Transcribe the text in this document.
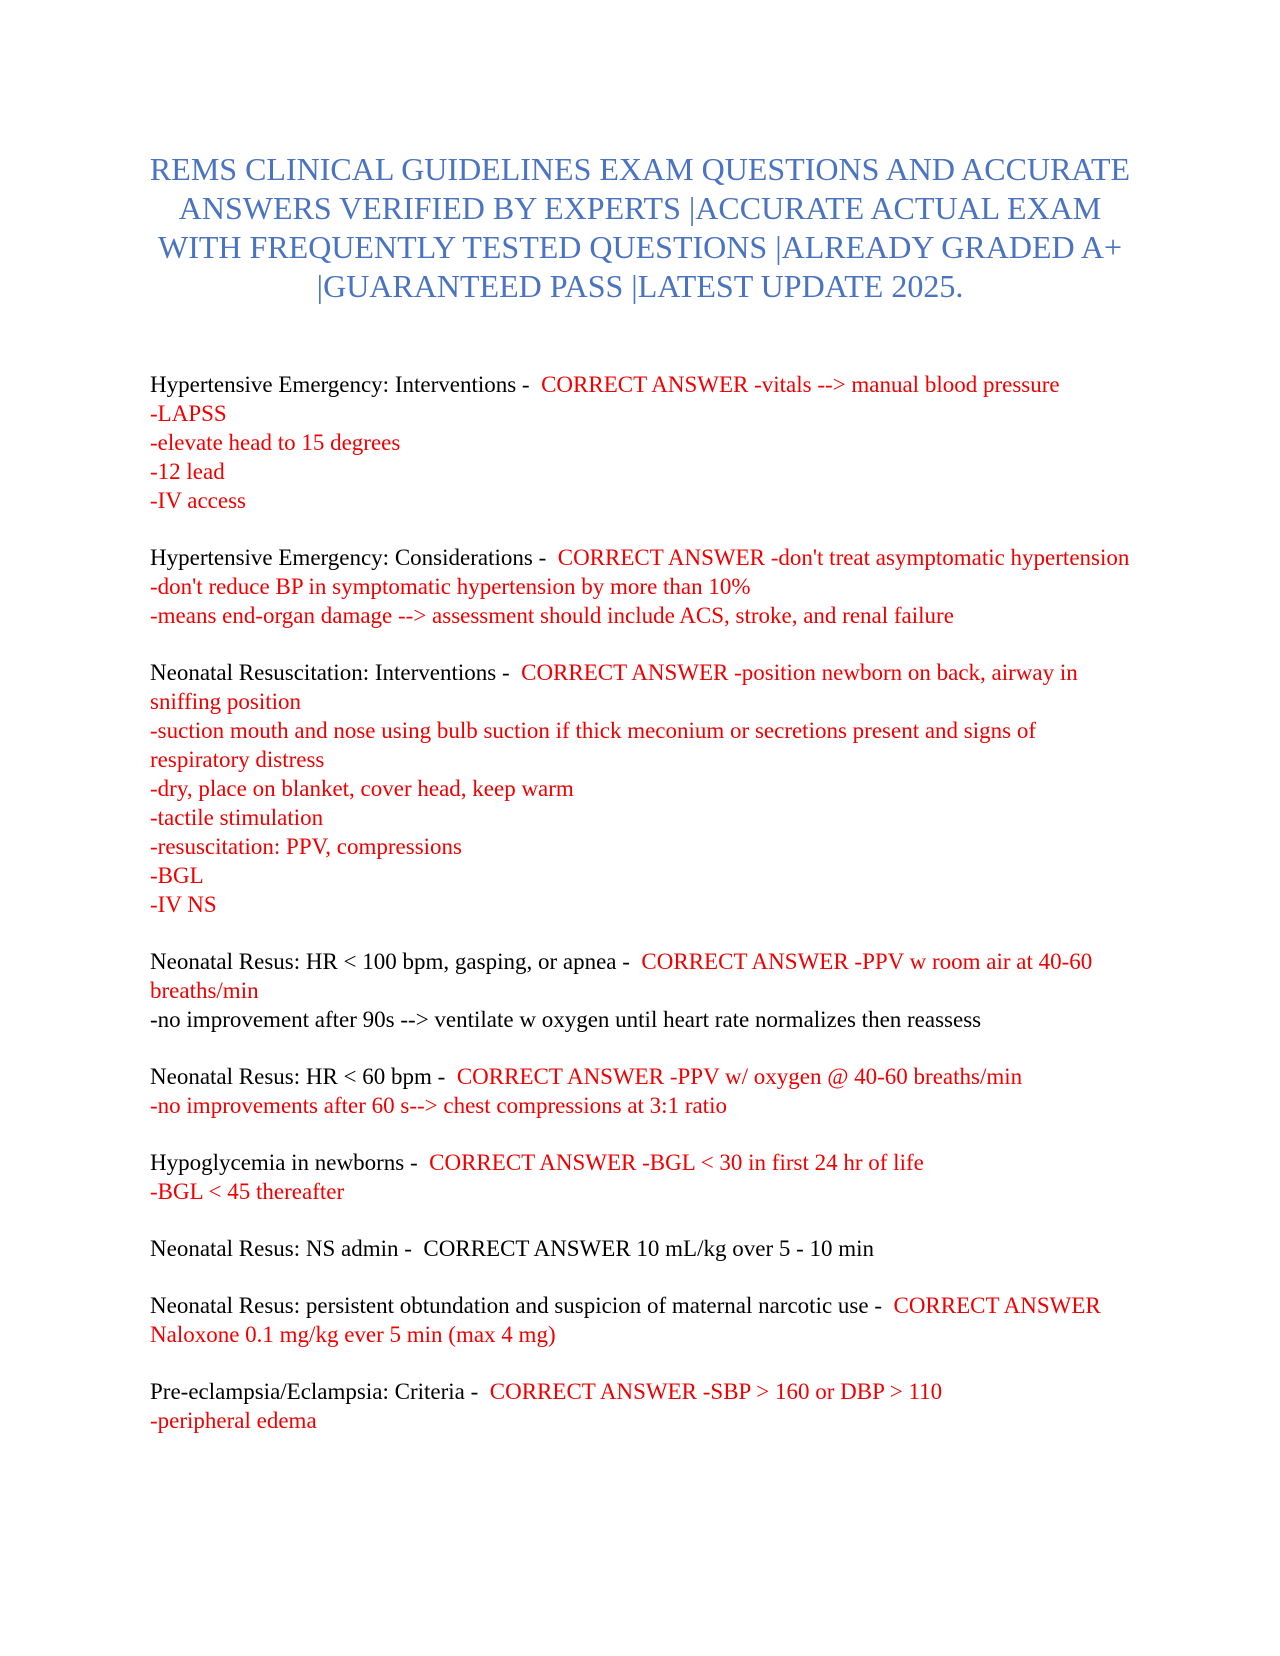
REMS CLINICAL GUIDELINES EXAM QUESTIONS AND ACCURATE ANSWERS VERIFIED BY EXPERTS |ACCURATE ACTUAL EXAM WITH FREQUENTLY TESTED QUESTIONS |ALREADY GRADED A+ |GUARANTEED PASS |LATEST UPDATE 2025.
Hypertensive Emergency: Interventions - CORRECT ANSWER -vitals --> manual blood pressure
-LAPSS
-elevate head to 15 degrees
-12 lead
-IV access
Hypertensive Emergency: Considerations - CORRECT ANSWER -don't treat asymptomatic hypertension
-don't reduce BP in symptomatic hypertension by more than 10%
-means end-organ damage --> assessment should include ACS, stroke, and renal failure
Neonatal Resuscitation: Interventions - CORRECT ANSWER -position newborn on back, airway in sniffing position
-suction mouth and nose using bulb suction if thick meconium or secretions present and signs of respiratory distress
-dry, place on blanket, cover head, keep warm
-tactile stimulation
-resuscitation: PPV, compressions
-BGL
-IV NS
Neonatal Resus: HR < 100 bpm, gasping, or apnea - CORRECT ANSWER -PPV w room air at 40-60 breaths/min
-no improvement after 90s --> ventilate w oxygen until heart rate normalizes then reassess
Neonatal Resus: HR < 60 bpm - CORRECT ANSWER -PPV w/ oxygen @ 40-60 breaths/min
-no improvements after 60 s--> chest compressions at 3:1 ratio
Hypoglycemia in newborns - CORRECT ANSWER -BGL < 30 in first 24 hr of life
-BGL < 45 thereafter
Neonatal Resus: NS admin - CORRECT ANSWER 10 mL/kg over 5 - 10 min
Neonatal Resus: persistent obtundation and suspicion of maternal narcotic use - CORRECT ANSWER Naloxone 0.1 mg/kg ever 5 min (max 4 mg)
Pre-eclampsia/Eclampsia: Criteria - CORRECT ANSWER -SBP > 160 or DBP > 110
-peripheral edema
